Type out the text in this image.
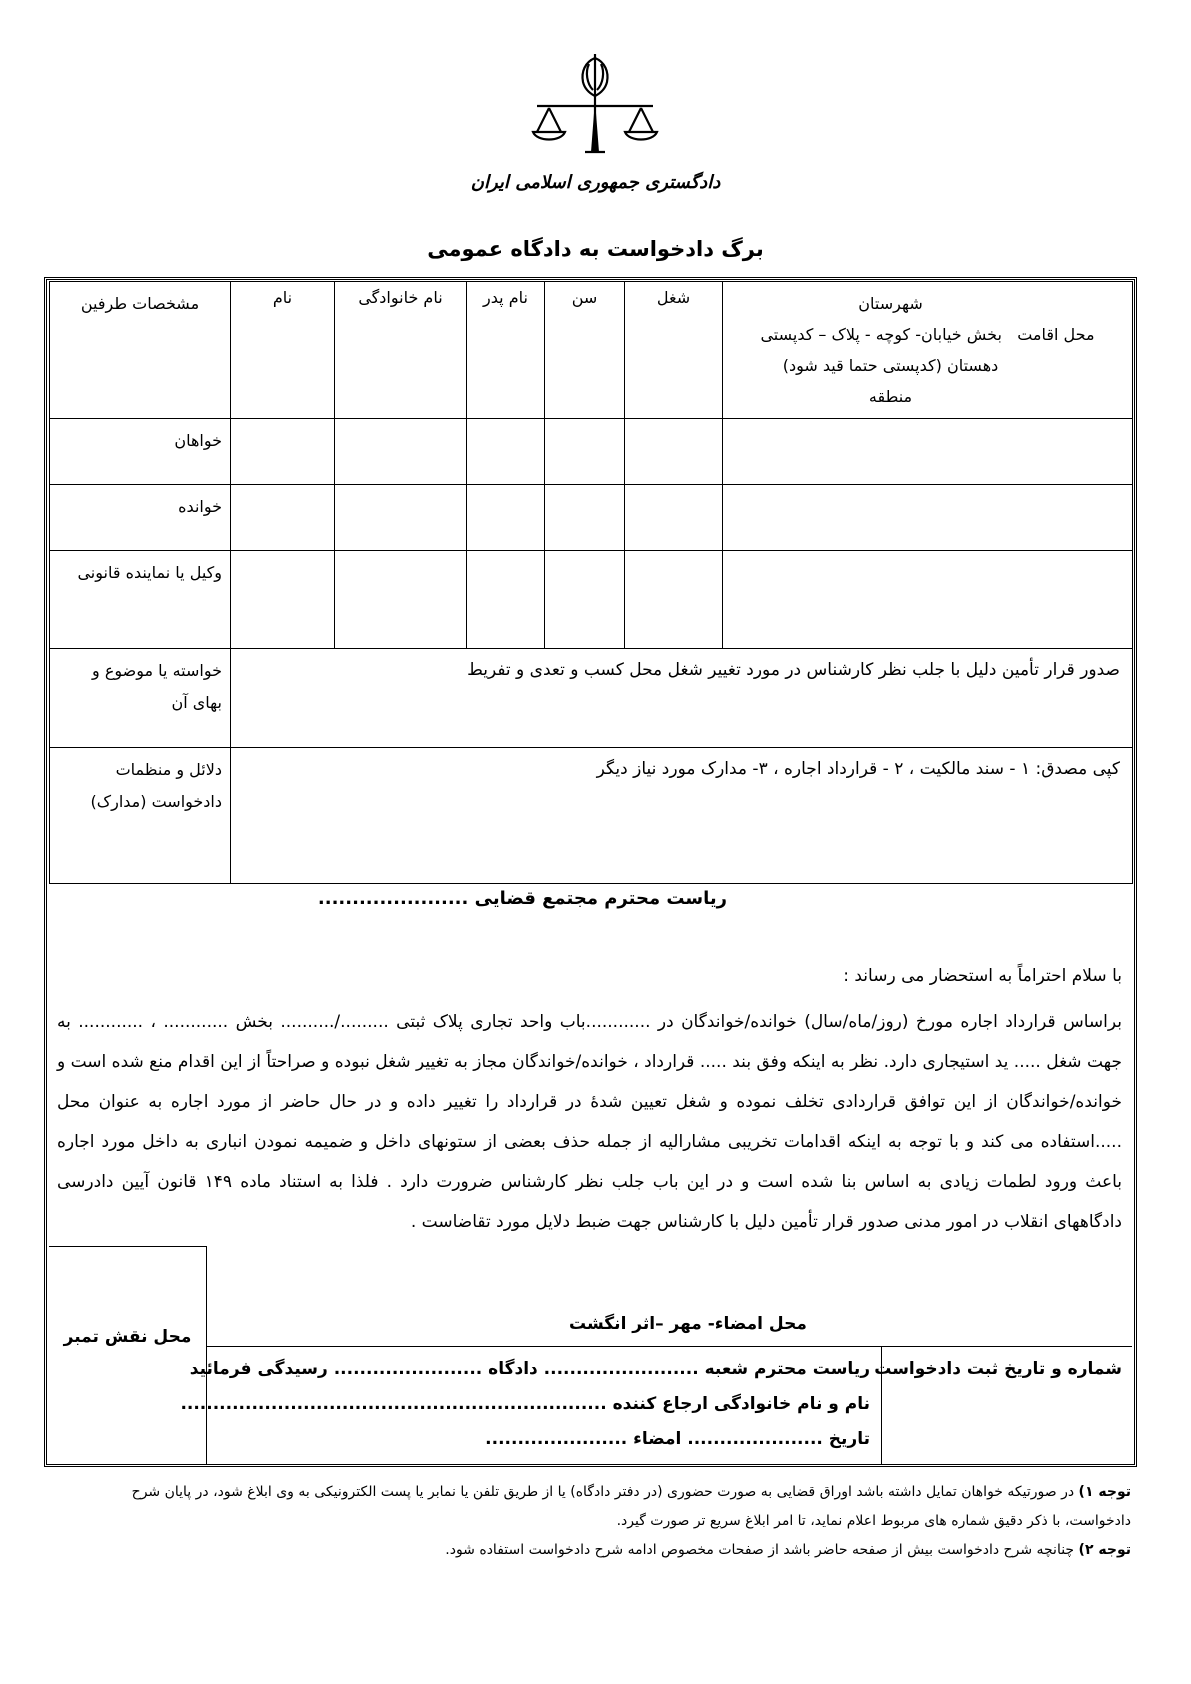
دادگستری جمهوری اسلامی ایران
برگ دادخواست به دادگاه عمومی
شهرستان
محل اقامت   بخش خیابان- کوچه - پلاک – کدپستی
دهستان (کدپستی حتما قید شود)
منطقه	شغل	سن	نام پدر	نام خانوادگی	نام	مشخصات طرفین
						خواهان
						خوانده
						وکیل یا نماینده قانونی
صدور قرار تأمین دلیل با جلب نظر کارشناس در مورد تغییر شغل محل کسب و تعدی و تفریط						خواسته یا موضوع و بهای آن
کپی مصدق: ۱ - سند مالکیت ، ۲ - قرارداد اجاره ، ۳- مدارک مورد نیاز دیگر						دلائل و منظمات دادخواست (مدارک)
ریاست محترم مجتمع قضایی ......................
با سلام احتراماً به استحضار می رساند :
براساس قرارداد اجاره مورخ (روز/ماه/سال) خوانده/خواندگان در ............باب واحد تجاری پلاک ثبتی ........./.......... بخش ............ ، ............ به جهت شغل ..... ید استیجاری دارد. نظر به اینکه وفق بند ..... قرارداد ، خوانده/خواندگان مجاز به تغییر شغل نبوده و صراحتاً از این اقدام منع شده است و خوانده/خواندگان از این توافق قراردادی تخلف نموده و شغل تعیین شدهٔ در قرارداد را تغییر داده و در حال حاضر از مورد اجاره به عنوان محل .....استفاده می کند و با توجه به اینکه اقدامات تخریبی مشارالیه از جمله حذف بعضی از ستونهای داخل و ضمیمه نمودن انباری به داخل مورد اجاره باعث ورود لطمات زیادی به اساس بنا شده است و در این باب جلب نظر کارشناس ضرورت دارد . فلذا به استناد ماده ۱۴۹ قانون آیین دادرسی دادگاههای انقلاب در امور مدنی صدور قرار تأمین دلیل با کارشناس جهت ضبط دلایل مورد تقاضاست .
محل نقش تمبر
محل امضاء- مهر –اثر انگشت
شماره و تاریخ ثبت دادخواست
ریاست محترم شعبه ........................ دادگاه ....................... رسیدگی فرمائید
نام و نام خانوادگی ارجاع کننده ..................................................................
تاریخ ..................... امضاء ......................
توجه ۱) در صورتیکه خواهان تمایل داشته باشد اوراق قضایی به صورت حضوری (در دفتر دادگاه) یا از طریق تلفن یا نمابر یا پست الکترونیکی به وی ابلاغ شود، در پایان شرح دادخواست، با ذکر دقیق شماره های مربوط اعلام نماید، تا امر ابلاغ سریع تر صورت گیرد.
توجه ۲) چنانچه شرح دادخواست بیش از صفحه حاضر باشد از صفحات مخصوص ادامه شرح دادخواست استفاده شود.
